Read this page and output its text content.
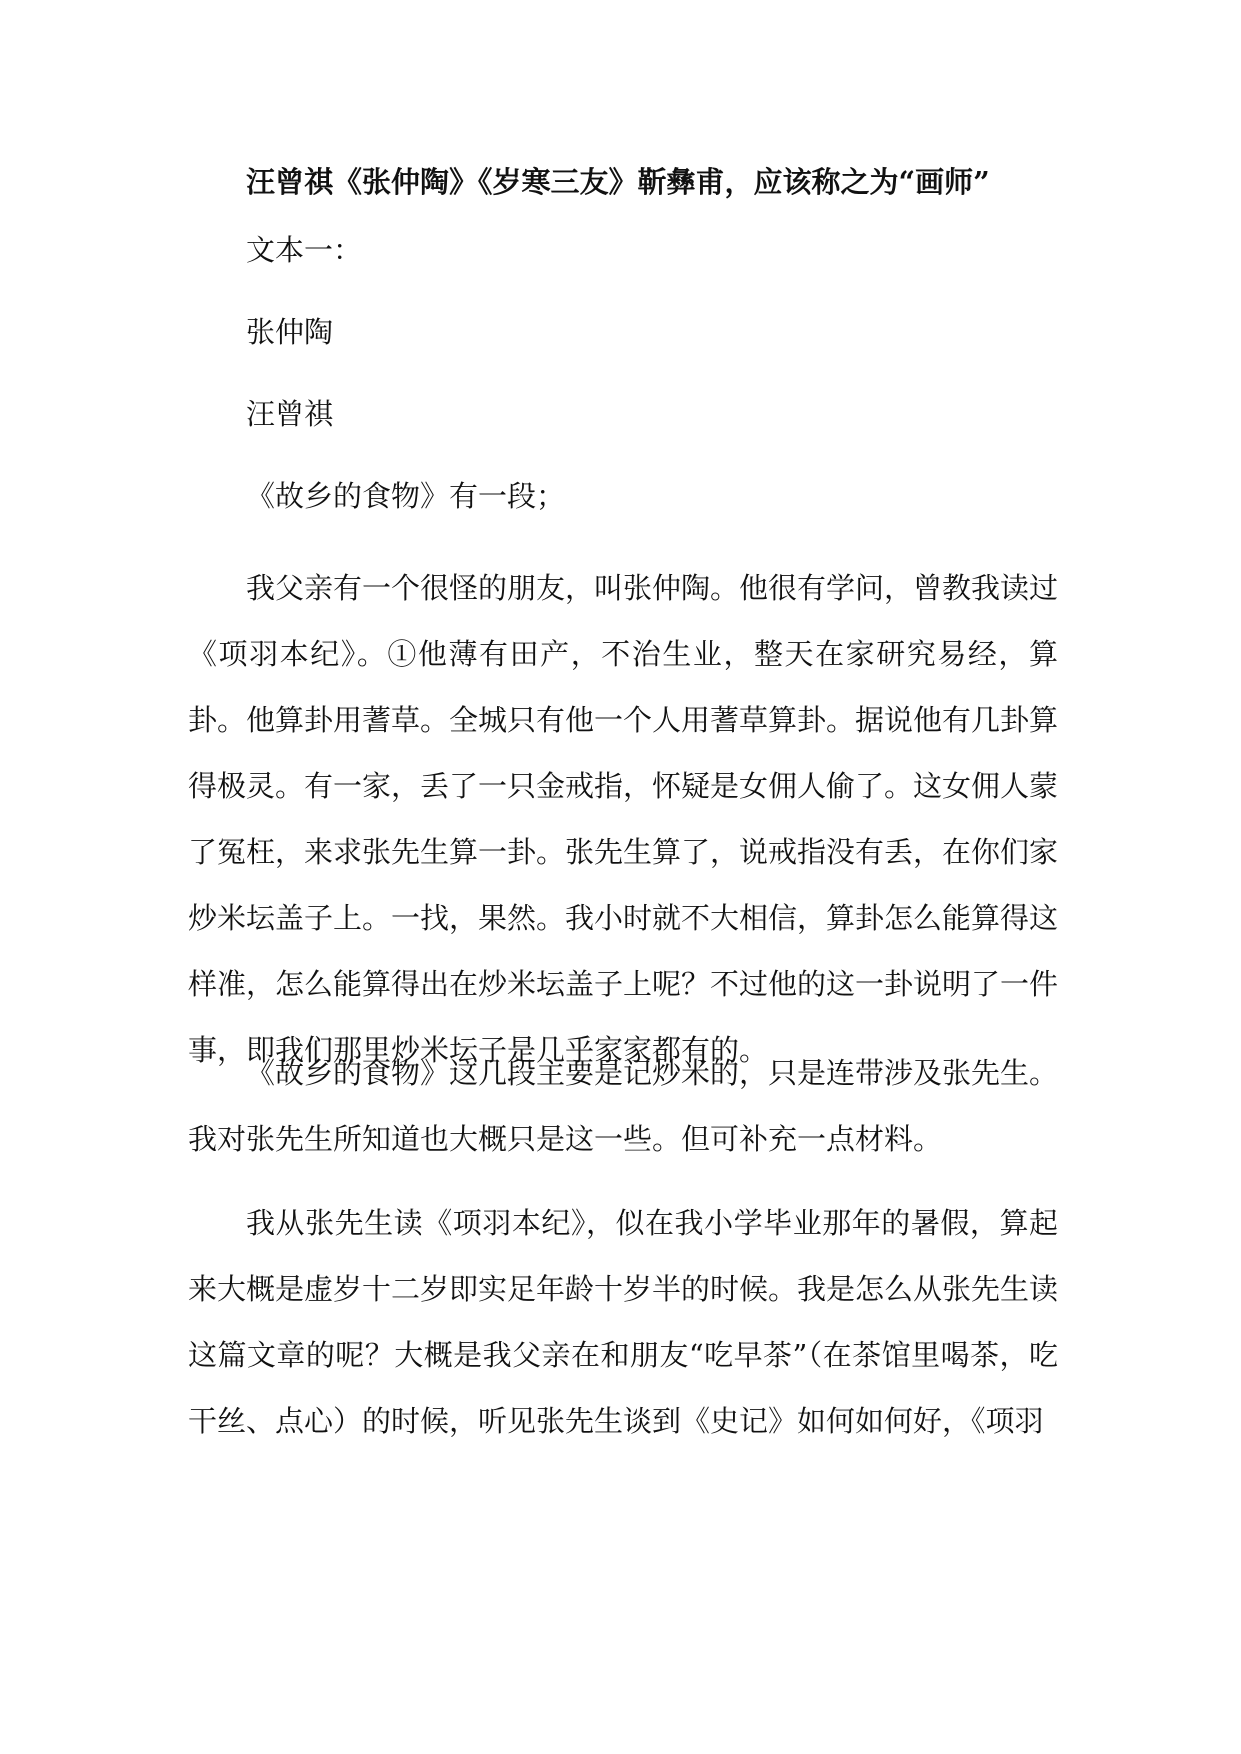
汪曾祺《张仲陶》《岁寒三友》靳彝甫，应该称之为“画师”
文本一：
张仲陶
汪曾祺
《故乡的食物》有一段；
我父亲有一个很怪的朋友，叫张仲陶。他很有学问，曾教我读过《项羽本纪》。①他薄有田产，不治生业，整天在家研究易经，算卦。他算卦用蓍草。全城只有他一个人用蓍草算卦。据说他有几卦算得极灵。有一家，丢了一只金戒指，怀疑是女佣人偷了。这女佣人蒙了冤枉，来求张先生算一卦。张先生算了，说戒指没有丢，在你们家炒米坛盖子上。一找，果然。我小时就不大相信，算卦怎么能算得这样准，怎么能算得出在炒米坛盖子上呢？不过他的这一卦说明了一件事，即我们那里炒米坛子是几乎家家都有的。
《故乡的食物》这几段主要是记炒米的，只是连带涉及张先生。我对张先生所知道也大概只是这一些。但可补充一点材料。
我从张先生读《项羽本纪》，似在我小学毕业那年的暑假，算起来大概是虚岁十二岁即实足年龄十岁半的时候。我是怎么从张先生读这篇文章的呢？大概是我父亲在和朋友“吃早茶”（在茶馆里喝茶，吃干丝、点心）的时候，听见张先生谈到《史记》如何如何好，《项羽
